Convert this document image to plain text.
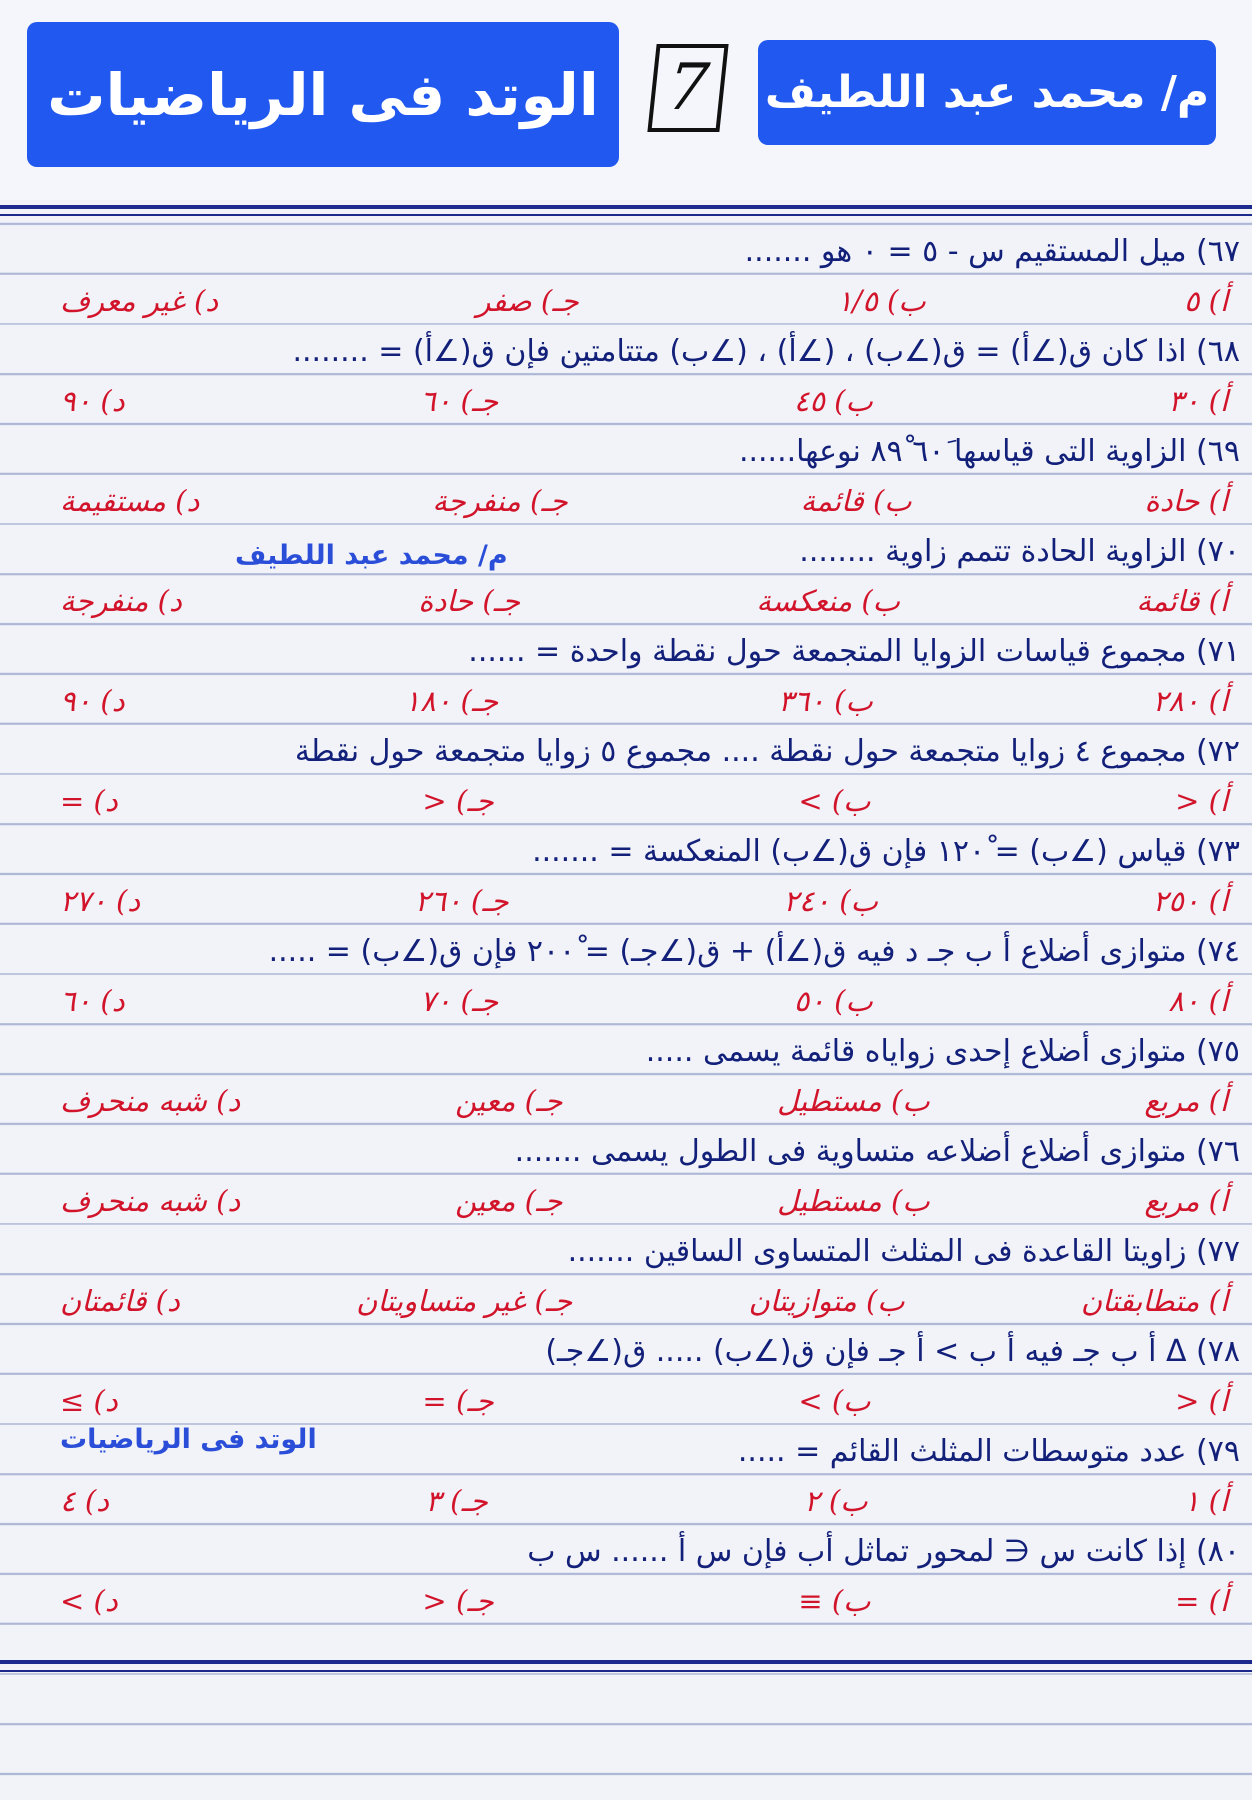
الوتد فى الرياضيات	7	م/ محمد عبد اللطيف
٦٧) ميل المستقيم س - ٥ = ٠ هو .......
ﺃ) ٥
ب) ١/٥
جـ) صفر
د) غير معرف
٦٨) اذا كان ق(∠أ) = ق(∠ب) ، (∠أ) ، (∠ب) متتامتين فإن ق(∠أ) = ........
ﺃ) ٣٠
ب) ٤٥
جـ) ٦٠
د) ٩٠
٦٩) الزاوية التى قياسها ٦٠َ ٨٩ْ نوعها......
ﺃ) حادة
ب) قائمة
جـ) منفرجة
د) مستقيمة
٧٠) الزاوية الحادة تتمم زاوية ........
ﺃ) قائمة
ب) منعكسة
جـ) حادة
د) منفرجة
٧١) مجموع قياسات الزوايا المتجمعة حول نقطة واحدة = ......
ﺃ) ٢٨٠
ب) ٣٦٠
جـ) ١٨٠
د) ٩٠
٧٢) مجموع ٤ زوايا متجمعة حول نقطة .... مجموع ٥ زوايا متجمعة حول نقطة
ﺃ) <
ب) >
جـ) <
د) =
٧٣) قياس (∠ب) = ١٢٠ْ فإن ق(∠ب) المنعكسة = .......
ﺃ) ٢٥٠
ب) ٢٤٠
جـ) ٢٦٠
د) ٢٧٠
٧٤) متوازى أضلاع أ ب جـ د فيه ق(∠أ) + ق(∠جـ) = ٢٠٠ْ فإن ق(∠ب) = .....
ﺃ) ٨٠
ب) ٥٠
جـ) ٧٠
د) ٦٠
٧٥) متوازى أضلاع إحدى زواياه قائمة يسمى .....
ﺃ) مربع
ب) مستطيل
جـ) معين
د) شبه منحرف
٧٦) متوازى أضلاع أضلاعه متساوية فى الطول يسمى .......
ﺃ) مربع
ب) مستطيل
جـ) معين
د) شبه منحرف
٧٧) زاويتا القاعدة فى المثلث المتساوى الساقين .......
ﺃ) متطابقتان
ب) متوازيتان
جـ) غير متساويتان
د) قائمتان
٧٨) Δ أ ب جـ فيه أ ب > أ جـ فإن ق(∠ب) ..... ق(∠جـ)
ﺃ) <
ب) >
جـ) =
د) ≥
٧٩) عدد متوسطات المثلث القائم = .....
ﺃ) ١
ب) ٢
جـ) ٣
د) ٤
٨٠) إذا كانت س ∈ لمحور تماثل أب فإن س أ ...... س ب
ﺃ) =
ب) ≡
جـ) <
د) >
م/ محمد عبد اللطيف
الوتد فى الرياضيات
